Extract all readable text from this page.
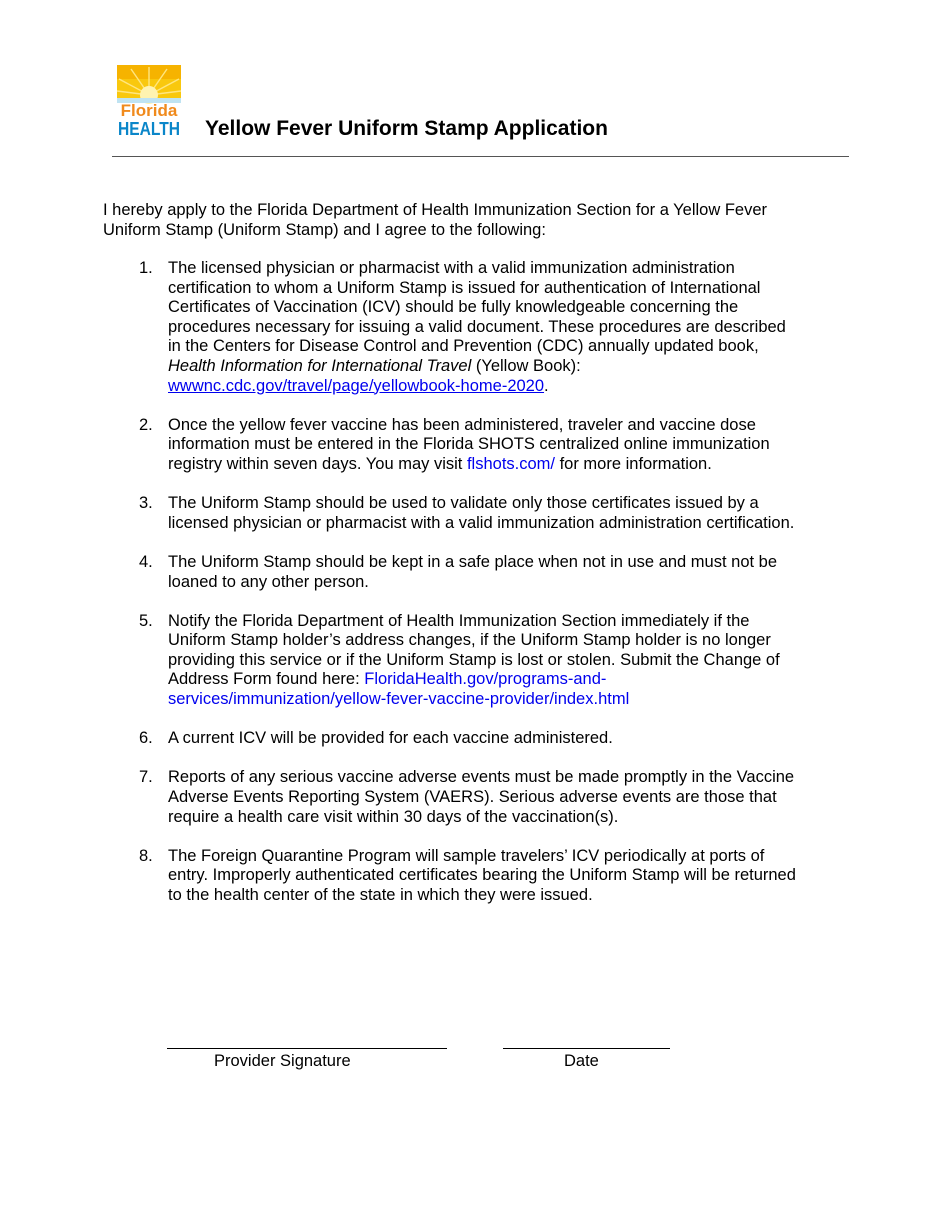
Florida
HEALTH Yellow Fever Uniform Stamp Application

I hereby apply to the Florida Department of Health Immunization Section for a Yellow Fever Uniform Stamp (Uniform Stamp) and I agree to the following:

1. The licensed physician or pharmacist with a valid immunization administration certification to whom a Uniform Stamp is issued for authentication of International Certificates of Vaccination (ICV) should be fully knowledgeable concerning the procedures necessary for issuing a valid document. These procedures are described in the Centers for Disease Control and Prevention (CDC) annually updated book, Health Information for International Travel (Yellow Book): wwwnc.cdc.gov/travel/page/yellowbook-home-2020.
2. Once the yellow fever vaccine has been administered, traveler and vaccine dose information must be entered in the Florida SHOTS centralized online immunization registry within seven days. You may visit flshots.com/ for more information.
3. The Uniform Stamp should be used to validate only those certificates issued by a licensed physician or pharmacist with a valid immunization administration certification.
4. The Uniform Stamp should be kept in a safe place when not in use and must not be loaned to any other person.
5. Notify the Florida Department of Health Immunization Section immediately if the Uniform Stamp holder’s address changes, if the Uniform Stamp holder is no longer providing this service or if the Uniform Stamp is lost or stolen. Submit the Change of Address Form found here: FloridaHealth.gov/programs-and-services/immunization/yellow-fever-vaccine-provider/index.html
6. A current ICV will be provided for each vaccine administered.
7. Reports of any serious vaccine adverse events must be made promptly in the Vaccine Adverse Events Reporting System (VAERS). Serious adverse events are those that require a health care visit within 30 days of the vaccination(s).
8. The Foreign Quarantine Program will sample travelers’ ICV periodically at ports of entry. Improperly authenticated certificates bearing the Uniform Stamp will be returned to the health center of the state in which they were issued.
Provider Signature	Date
